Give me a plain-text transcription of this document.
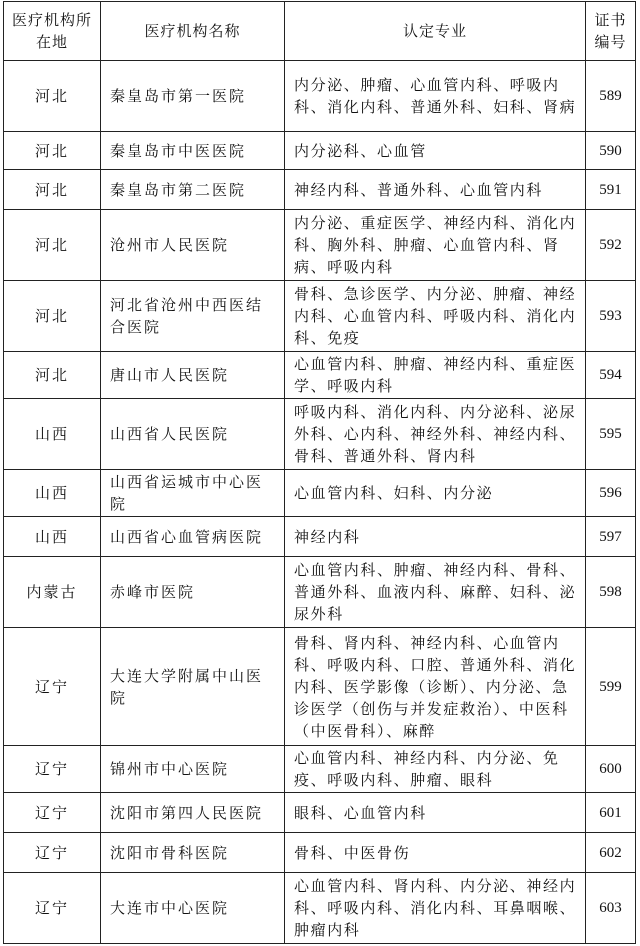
医疗机构所在地	医疗机构名称	认定专业	证书编号
河北	秦皇岛市第一医院	内分泌、肿瘤、心血管内科、呼吸内科、消化内科、普通外科、妇科、肾病	589
河北	秦皇岛市中医医院	内分泌科、心血管	590
河北	秦皇岛市第二医院	神经内科、普通外科、心血管内科	591
河北	沧州市人民医院	内分泌、重症医学、神经内科、消化内科、胸外科、肿瘤、心血管内科、肾病、呼吸内科	592
河北	河北省沧州中西医结合医院	骨科、急诊医学、内分泌、肿瘤、神经内科、心血管内科、呼吸内科、消化内科、免疫	593
河北	唐山市人民医院	心血管内科、肿瘤、神经内科、重症医学、呼吸内科	594
山西	山西省人民医院	呼吸内科、消化内科、内分泌科、泌尿外科、心内科、神经外科、神经内科、骨科、普通外科、肾内科	595
山西	山西省运城市中心医院	心血管内科、妇科、内分泌	596
山西	山西省心血管病医院	神经内科	597
内蒙古	赤峰市医院	心血管内科、肿瘤、神经内科、骨科、普通外科、血液内科、麻醉、妇科、泌尿外科	598
辽宁	大连大学附属中山医院	骨科、肾内科、神经内科、心血管内科、呼吸内科、口腔、普通外科、消化内科、医学影像（诊断）、内分泌、急诊医学（创伤与并发症救治）、中医科（中医骨科）、麻醉	599
辽宁	锦州市中心医院	心血管内科、神经内科、内分泌、免疫、呼吸内科、肿瘤、眼科	600
辽宁	沈阳市第四人民医院	眼科、心血管内科	601
辽宁	沈阳市骨科医院	骨科、中医骨伤	602
辽宁	大连市中心医院	心血管内科、肾内科、内分泌、神经内科、呼吸内科、消化内科、耳鼻咽喉、肿瘤内科	603
